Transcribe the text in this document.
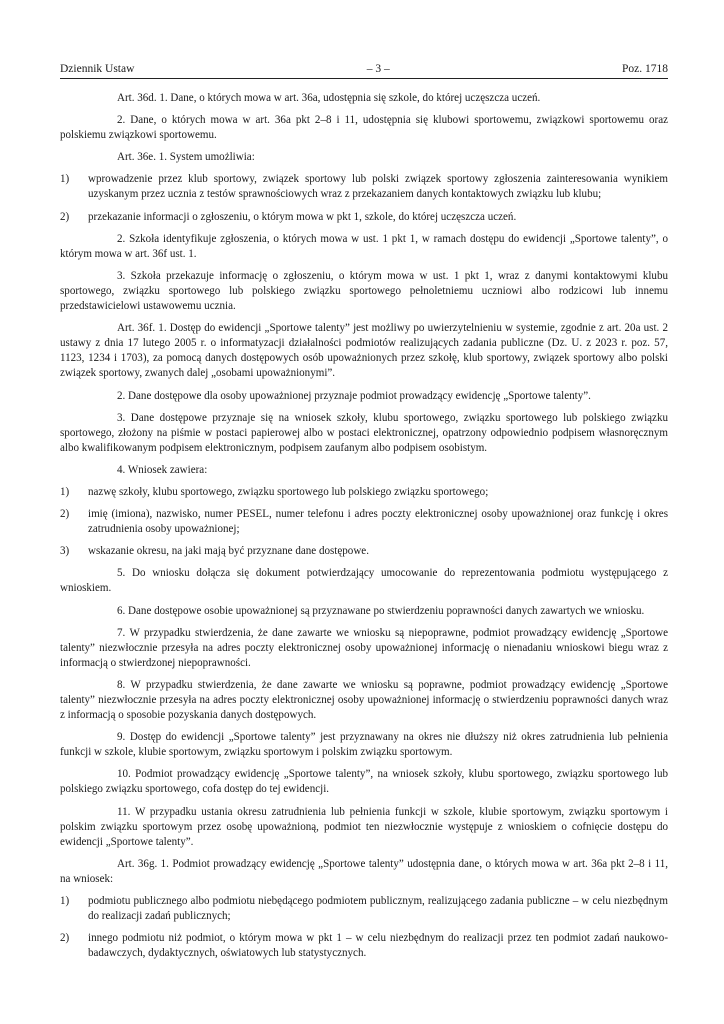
Dziennik Ustaw	– 3 –	Poz. 1718

Art. 36d. 1. Dane, o których mowa w art. 36a, udostępnia się szkole, do której uczęszcza uczeń.

2. Dane, o których mowa w art. 36a pkt 2–8 i 11, udostępnia się klubowi sportowemu, związkowi sportowemu oraz polskiemu związkowi sportowemu.

Art. 36e. 1. System umożliwia:

1)	wprowadzenie przez klub sportowy, związek sportowy lub polski związek sportowy zgłoszenia zainteresowania wynikiem uzyskanym przez ucznia z testów sprawnościowych wraz z przekazaniem danych kontaktowych związku lub klubu;
2)	przekazanie informacji o zgłoszeniu, o którym mowa w pkt 1, szkole, do której uczęszcza uczeń.

2. Szkoła identyfikuje zgłoszenia, o których mowa w ust. 1 pkt 1, w ramach dostępu do ewidencji „Sportowe talenty”, o którym mowa w art. 36f ust. 1.

3. Szkoła przekazuje informację o zgłoszeniu, o którym mowa w ust. 1 pkt 1, wraz z danymi kontaktowymi klubu sportowego, związku sportowego lub polskiego związku sportowego pełnoletniemu uczniowi albo rodzicowi lub innemu przedstawicielowi ustawowemu ucznia.

Art. 36f. 1. Dostęp do ewidencji „Sportowe talenty” jest możliwy po uwierzytelnieniu w systemie, zgodnie z art. 20a ust. 2 ustawy z dnia 17 lutego 2005 r. o informatyzacji działalności podmiotów realizujących zadania publiczne (Dz. U. z 2023 r. poz. 57, 1123, 1234 i 1703), za pomocą danych dostępowych osób upoważnionych przez szkołę, klub sportowy, związek sportowy albo polski związek sportowy, zwanych dalej „osobami upoważnionymi”.

2. Dane dostępowe dla osoby upoważnionej przyznaje podmiot prowadzący ewidencję „Sportowe talenty”.

3. Dane dostępowe przyznaje się na wniosek szkoły, klubu sportowego, związku sportowego lub polskiego związku sportowego, złożony na piśmie w postaci papierowej albo w postaci elektronicznej, opatrzony odpowiednio podpisem własnoręcznym albo kwalifikowanym podpisem elektronicznym, podpisem zaufanym albo podpisem osobistym.

4. Wniosek zawiera:

1)	nazwę szkoły, klubu sportowego, związku sportowego lub polskiego związku sportowego;
2)	imię (imiona), nazwisko, numer PESEL, numer telefonu i adres poczty elektronicznej osoby upoważnionej oraz funkcję i okres zatrudnienia osoby upoważnionej;
3)	wskazanie okresu, na jaki mają być przyznane dane dostępowe.

5. Do wniosku dołącza się dokument potwierdzający umocowanie do reprezentowania podmiotu występującego z wnioskiem.

6. Dane dostępowe osobie upoważnionej są przyznawane po stwierdzeniu poprawności danych zawartych we wniosku.

7. W przypadku stwierdzenia, że dane zawarte we wniosku są niepoprawne, podmiot prowadzący ewidencję „Sportowe talenty” niezwłocznie przesyła na adres poczty elektronicznej osoby upoważnionej informację o nienadaniu wnioskowi biegu wraz z informacją o stwierdzonej niepoprawności.

8. W przypadku stwierdzenia, że dane zawarte we wniosku są poprawne, podmiot prowadzący ewidencję „Sportowe talenty” niezwłocznie przesyła na adres poczty elektronicznej osoby upoważnionej informację o stwierdzeniu poprawności danych wraz z informacją o sposobie pozyskania danych dostępowych.

9. Dostęp do ewidencji „Sportowe talenty” jest przyznawany na okres nie dłuższy niż okres zatrudnienia lub pełnienia funkcji w szkole, klubie sportowym, związku sportowym i polskim związku sportowym.

10. Podmiot prowadzący ewidencję „Sportowe talenty”, na wniosek szkoły, klubu sportowego, związku sportowego lub polskiego związku sportowego, cofa dostęp do tej ewidencji.

11. W przypadku ustania okresu zatrudnienia lub pełnienia funkcji w szkole, klubie sportowym, związku sportowym i polskim związku sportowym przez osobę upoważnioną, podmiot ten niezwłocznie występuje z wnioskiem o cofnięcie dostępu do ewidencji „Sportowe talenty”.

Art. 36g. 1. Podmiot prowadzący ewidencję „Sportowe talenty” udostępnia dane, o których mowa w art. 36a pkt 2–8 i 11, na wniosek:

1)	podmiotu publicznego albo podmiotu niebędącego podmiotem publicznym, realizującego zadania publiczne – w celu niezbędnym do realizacji zadań publicznych;
2)	innego podmiotu niż podmiot, o którym mowa w pkt 1 – w celu niezbędnym do realizacji przez ten podmiot zadań naukowo-badawczych, dydaktycznych, oświatowych lub statystycznych.
